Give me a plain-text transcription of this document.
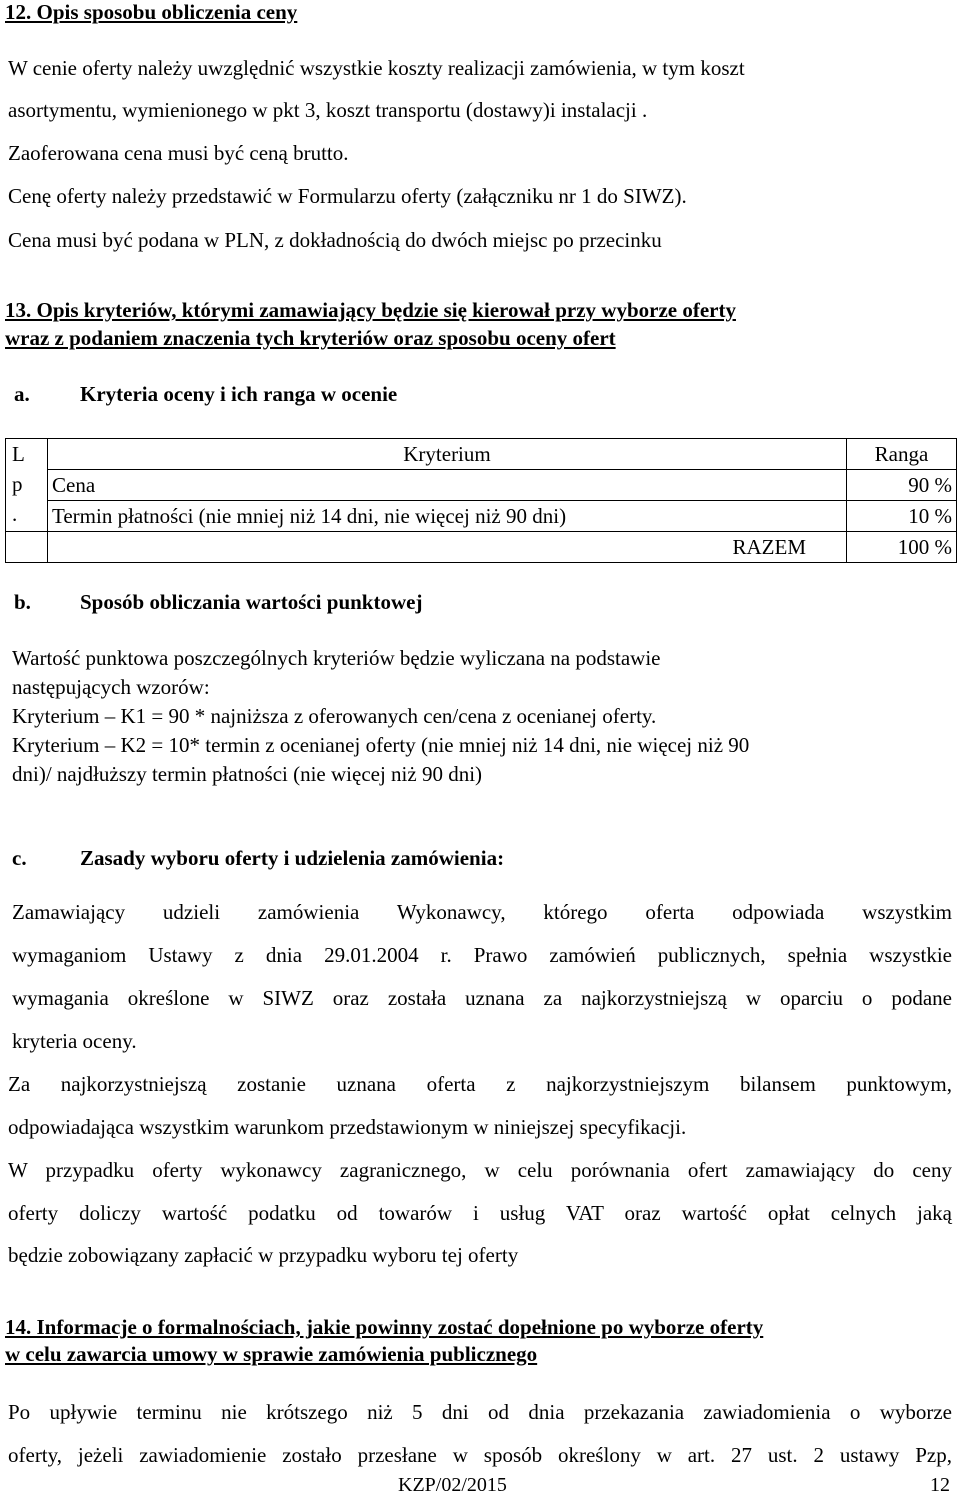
12. Opis sposobu obliczenia ceny
W cenie oferty należy uwzględnić wszystkie koszty realizacji zamówienia, w tym koszt
asortymentu, wymienionego w pkt 3, koszt transportu (dostawy)i instalacji .
Zaoferowana cena musi być ceną brutto.
Cenę oferty należy przedstawić w Formularzu oferty (załączniku nr 1 do SIWZ).
Cena musi być podana w PLN, z dokładnością do dwóch miejsc po przecinku
13. Opis kryteriów, którymi zamawiający będzie się kierował przy wyborze oferty
wraz z podaniem znaczenia tych kryteriów oraz sposobu oceny ofert
a. Kryteria oceny i ich ranga w ocenie
L
p
.	Kryterium	Ranga
	Cena	90 %
	Termin płatności (nie mniej niż 14 dni, nie więcej niż 90 dni)	10 %
	RAZEM	100 %
b. Sposób obliczania wartości punktowej
Wartość punktowa poszczególnych kryteriów będzie wyliczana na podstawie
następujących wzorów:
Kryterium – K1 = 90 * najniższa z oferowanych cen/cena z ocenianej oferty.
Kryterium – K2 = 10* termin z ocenianej oferty (nie mniej niż 14 dni, nie więcej niż 90
dni)/ najdłuższy termin płatności (nie więcej niż 90 dni)
c.	Zasady wyboru oferty i udzielenia zamówienia:
Zamawiający udzieli zamówienia Wykonawcy, którego oferta odpowiada wszystkim
wymaganiom Ustawy z dnia 29.01.2004 r. Prawo zamówień publicznych, spełnia wszystkie
wymagania określone w SIWZ oraz została uznana za najkorzystniejszą w oparciu o podane
kryteria oceny.
Za najkorzystniejszą zostanie uznana oferta z najkorzystniejszym bilansem punktowym,
odpowiadająca wszystkim warunkom przedstawionym w niniejszej specyfikacji.
W przypadku oferty wykonawcy zagranicznego, w celu porównania ofert zamawiający do ceny
oferty doliczy wartość podatku od towarów i usług VAT oraz wartość opłat celnych jaką
będzie zobowiązany zapłacić w przypadku wyboru tej oferty
14. Informacje o formalnościach, jakie powinny zostać dopełnione po wyborze oferty
w celu zawarcia umowy w sprawie zamówienia publicznego
Po upływie terminu nie krótszego niż 5 dni od dnia przekazania zawiadomienia o wyborze
oferty, jeżeli zawiadomienie zostało przesłane w sposób określony w art. 27 ust. 2 ustawy Pzp,
KZP/02/2015	12
